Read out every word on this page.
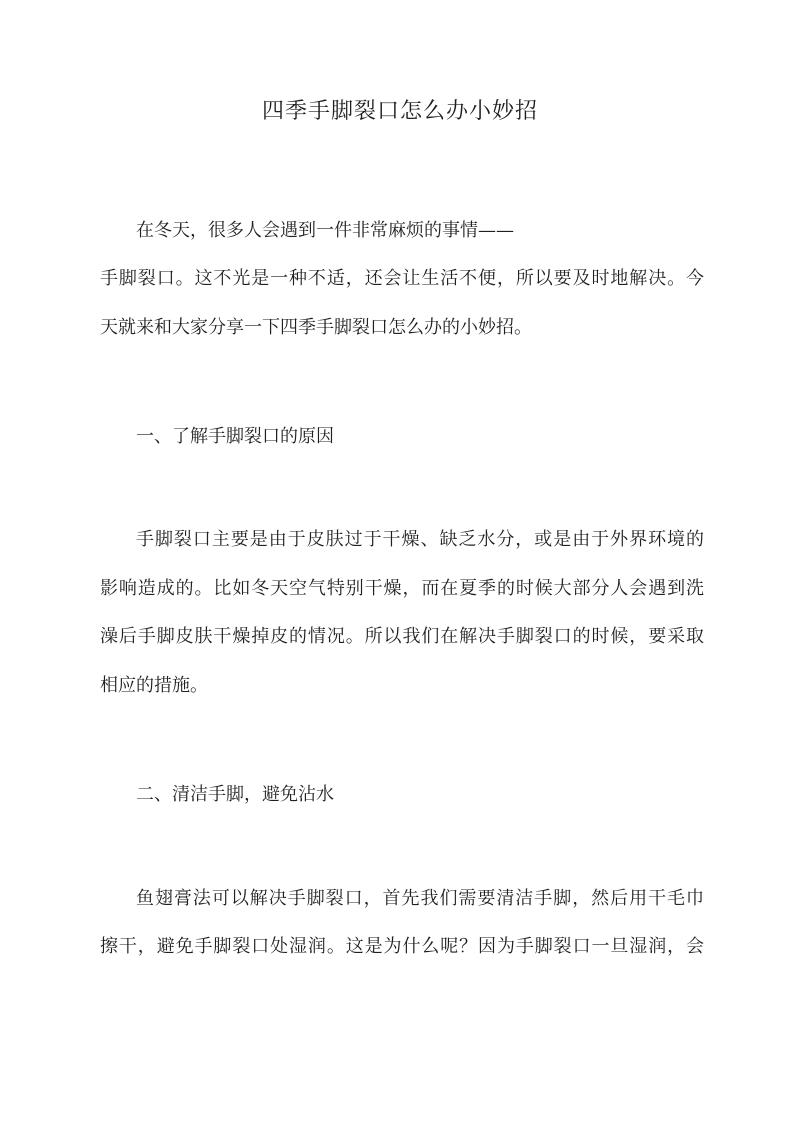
四季手脚裂口怎么办小妙招

在冬天，很多人会遇到一件非常麻烦的事情——

手脚裂口。这不光是一种不适，还会让生活不便，所以要及时地解决。今

天就来和大家分享一下四季手脚裂口怎么办的小妙招。

一、了解手脚裂口的原因

手脚裂口主要是由于皮肤过于干燥、缺乏水分，或是由于外界环境的

影响造成的。比如冬天空气特别干燥，而在夏季的时候大部分人会遇到洗

澡后手脚皮肤干燥掉皮的情况。所以我们在解决手脚裂口的时候，要采取

相应的措施。

二、清洁手脚，避免沾水

鱼翅膏法可以解决手脚裂口，首先我们需要清洁手脚，然后用干毛巾

擦干，避免手脚裂口处湿润。这是为什么呢？因为手脚裂口一旦湿润，会
